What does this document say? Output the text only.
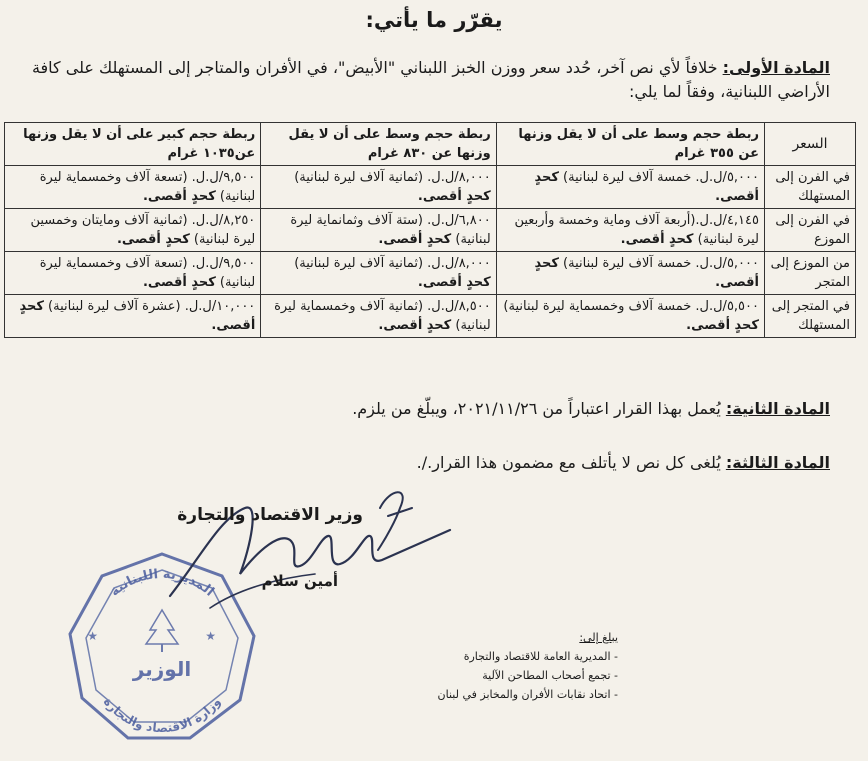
يقرّر ما يأتي:
المادة الأولى: خلافاً لأي نص آخر، حُدد سعر ووزن الخبز اللبناني "الأبيض"، في الأفران والمتاجر إلى المستهلك على كافة الأراضي اللبنانية، وفقاً لما يلي:
السعر	ربطة حجم وسط على أن لا يقل وزنها عن ٣٥٥ غرام	ربطة حجم وسط على أن لا يقل وزنها عن ٨٣٠ غرام	ربطة حجم كبير على أن لا يقل وزنها عن١٠٣٥ غرام
في الفرن إلى المستهلك	٥,٠٠٠/ل.ل. خمسة آلاف ليرة لبنانية) كحدٍ أقصى.	٨,٠٠٠/ل.ل. (ثمانية آلاف ليرة لبنانية) كحدٍ أقصى.	٩,٥٠٠/ل.ل. (تسعة آلاف وخمسماية ليرة لبنانية) كحدٍ أقصى.
في الفرن إلى الموزع	٤,١٤٥/ل.ل.(أربعة آلاف وماية وخمسة وأربعين ليرة لبنانية) كحدٍ أقصى.	٦,٨٠٠/ل.ل. (ستة آلاف وثمانماية ليرة لبنانية) كحدٍ أقصى.	٨,٢٥٠/ل.ل. (ثمانية آلاف ومايتان وخمسين ليرة لبنانية) كحدٍ أقصى.
من الموزع إلى المتجر	٥,٠٠٠/ل.ل. خمسة آلاف ليرة لبنانية) كحدٍ أقصى.	٨,٠٠٠/ل.ل. (ثمانية آلاف ليرة لبنانية) كحدٍ أقصى.	٩,٥٠٠/ل.ل. (تسعة آلاف وخمسماية ليرة لبنانية) كحدٍ أقصى.
في المتجر إلى المستهلك	٥,٥٠٠/ل.ل. خمسة آلاف وخمسماية ليرة لبنانية) كحدٍ أقصى.	٨,٥٠٠/ل.ل. (ثمانية آلاف وخمسماية ليرة لبنانية) كحدٍ أقصى.	١٠,٠٠٠/ل.ل. (عشرة آلاف ليرة لبنانية) كحدٍ أقصى.
المادة الثانية: يُعمل بهذا القرار اعتباراً من ٢٠٢١/١١/٢٦، ويبلّغ من يلزم.
المادة الثالثة: يُلغى كل نص لا يأتلف مع مضمون هذا القرار./.
المديرية اللبنانية
وزارة الاقتصاد والتجارة
الوزير
★	★
وزير الاقتصاد والتجارة
أمين سلام
يبلغ إلى:
- المديرية العامة للاقتصاد والتجارة
- تجمع أصحاب المطاحن الآلية
- اتحاد نقابات الأفران والمخابز في لبنان
